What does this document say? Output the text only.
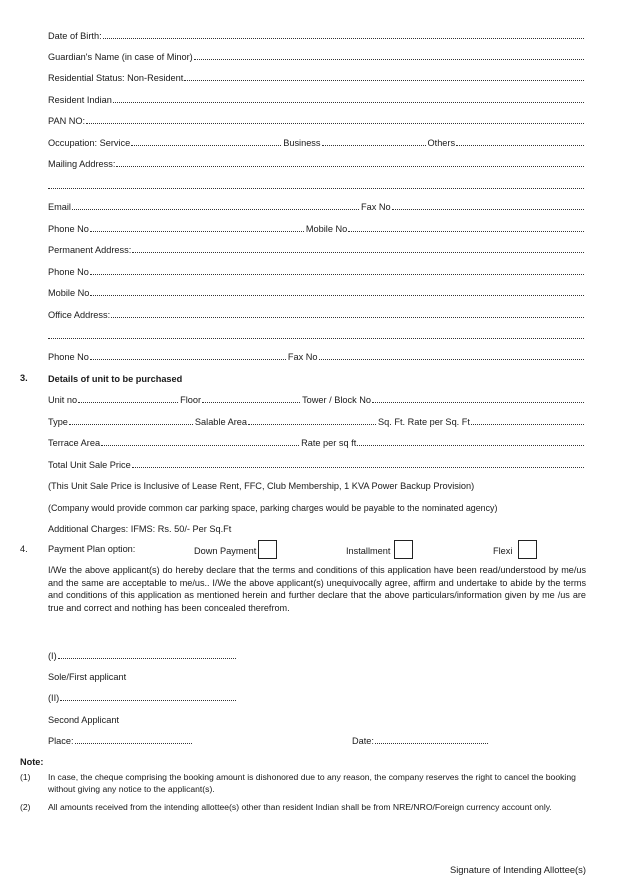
Date of Birth:
Guardian's Name (in case of Minor)
Residential Status: Non-Resident
Resident Indian
PAN NO:
Occupation: Service	Business	Others
Mailing Address:
Email	Fax No
Phone No	Mobile No
Permanent Address:
Phone No
Mobile No
Office Address:
Phone No	Fax No
3. Details of unit to be purchased
Unit no	Floor	Tower / Block No
Type	Salable Area	Sq. Ft. Rate per Sq. Ft
Terrace Area	Rate per sq ft
Total Unit Sale Price
(This Unit Sale Price is Inclusive of Lease Rent, FFC, Club Membership, 1 KVA Power Backup Provision)
(Company would provide common car parking space, parking charges would be payable to the nominated agency)
Additional Charges: IFMS: Rs. 50/- Per Sq.Ft
4. Payment Plan option:	Down Payment	Installment	Flexi
I/We the above applicant(s) do hereby declare that the terms and conditions of this application have been read/understood by me/us and the same are acceptable to me/us.. I/We the above applicant(s) unequivocally agree, affirm and undertake to abide by the terms and conditions of this application as mentioned herein and further declare that the above particulars/information given by me /us are true and correct and nothing has been concealed therefrom.
(I)
Sole/First applicant
(II)
Second Applicant
Place:	Date:
Note:
(1) In case, the cheque comprising the booking amount is dishonored due to any reason, the company reserves the right to cancel the booking without giving any notice to the applicant(s).
(2) All amounts received from the intending allottee(s) other than resident Indian shall be from NRE/NRO/Foreign currency account only.
Signature of Intending Allottee(s)
